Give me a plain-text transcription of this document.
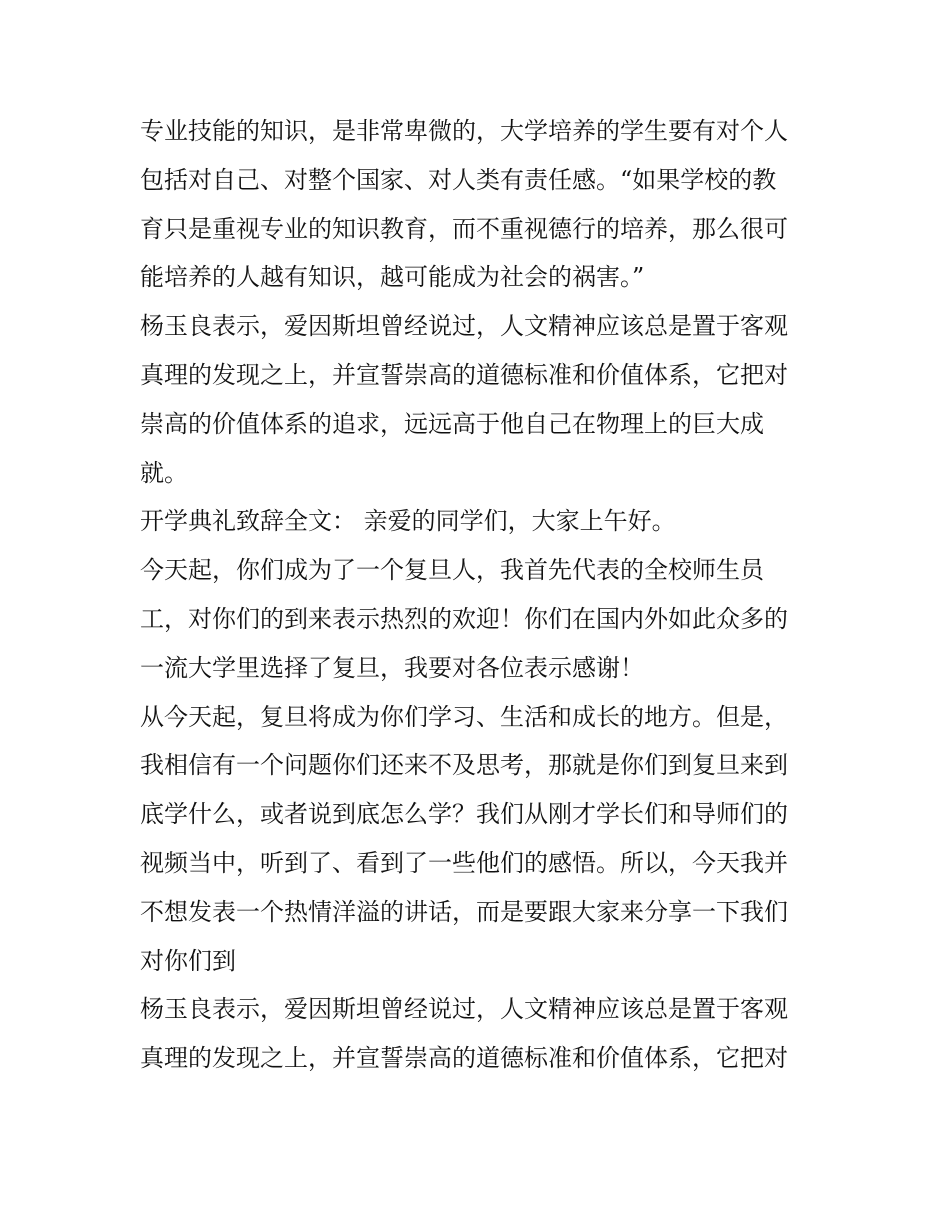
专业技能的知识，是非常卑微的，大学培养的学生要有对个人
包括对自己、对整个国家、对人类有责任感。“如果学校的教
育只是重视专业的知识教育，而不重视德行的培养，那么很可
能培养的人越有知识，越可能成为社会的祸害。”
杨玉良表示，爱因斯坦曾经说过，人文精神应该总是置于客观
真理的发现之上，并宣誓崇高的道德标准和价值体系，它把对
崇高的价值体系的追求，远远高于他自己在物理上的巨大成
就。
开学典礼致辞全文： 亲爱的同学们，大家上午好。
今天起，你们成为了一个复旦人，我首先代表的全校师生员
工，对你们的到来表示热烈的欢迎！你们在国内外如此众多的
一流大学里选择了复旦，我要对各位表示感谢！
从今天起，复旦将成为你们学习、生活和成长的地方。但是，
我相信有一个问题你们还来不及思考，那就是你们到复旦来到
底学什么，或者说到底怎么学？我们从刚才学长们和导师们的
视频当中，听到了、看到了一些他们的感悟。所以，今天我并
不想发表一个热情洋溢的讲话，而是要跟大家来分享一下我们
对你们到
杨玉良表示，爱因斯坦曾经说过，人文精神应该总是置于客观
真理的发现之上，并宣誓崇高的道德标准和价值体系，它把对
